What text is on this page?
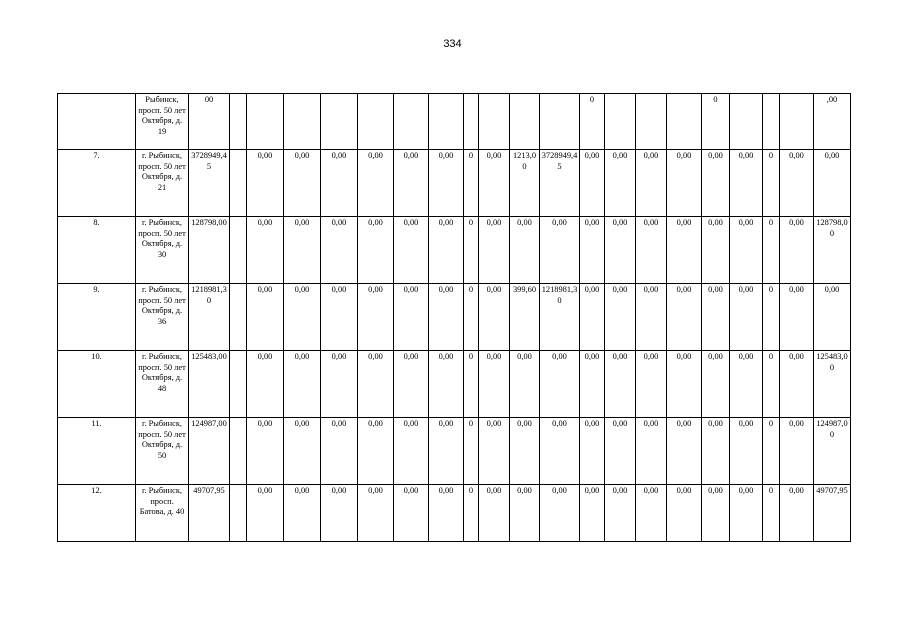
334
	Рыбинск, просп. 50 лет Октября, д. 19	00												0				0				,00
7.	г. Рыбинск, просп. 50 лет Октября, д. 21	3728949,45		0,00	0,00	0,00	0,00	0,00	0,00	0	0,00	1213,00	3728949,45	0,00	0,00	0,00	0,00	0,00	0,00	0	0,00	0,00
8.	г. Рыбинск, просп. 50 лет Октября, д. 30	128798,00		0,00	0,00	0,00	0,00	0,00	0,00	0	0,00	0,00	0,00	0,00	0,00	0,00	0,00	0,00	0,00	0	0,00	128798,00
9.	г. Рыбинск, просп. 50 лет Октября, д. 36	1218981,30		0,00	0,00	0,00	0,00	0,00	0,00	0	0,00	399,60	1218981,30	0,00	0,00	0,00	0,00	0,00	0,00	0	0,00	0,00
10.	г. Рыбинск, просп. 50 лет Октября, д. 48	125483,00		0,00	0,00	0,00	0,00	0,00	0,00	0	0,00	0,00	0,00	0,00	0,00	0,00	0,00	0,00	0,00	0	0,00	125483,00
11.	г. Рыбинск, просп. 50 лет Октября, д. 50	124987,00		0,00	0,00	0,00	0,00	0,00	0,00	0	0,00	0,00	0,00	0,00	0,00	0,00	0,00	0,00	0,00	0	0,00	124987,00
12.	г. Рыбинск, просп. Батова, д. 40	49707,95		0,00	0,00	0,00	0,00	0,00	0,00	0	0,00	0,00	0,00	0,00	0,00	0,00	0,00	0,00	0,00	0	0,00	49707,95
